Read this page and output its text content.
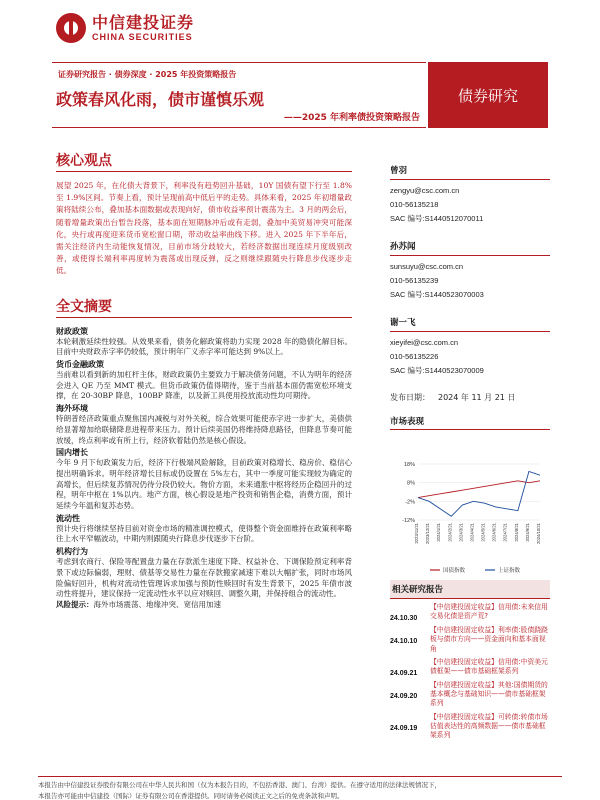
中信建投证券
CHINA SECURITIES
证券研究报告 · 债券深度 · 2025 年投资策略报告
政策春风化雨，债市谨慎乐观
——2025 年利率债投资策略报告
债券研究
核心观点
展望 2025 年，在化债大背景下，利率没有趋势回升基础，10Y 国债有望下行至 1.8%至 1.9%区间。节奏上看，预计呈现前高中低后平的走势。具体来看，2025 年初增量政策将陆续公布，叠加基本面数据或表现向好，债市收益率预计震荡为主。3 月的两会后，随着增量政策出台暂告段落，基本面在短期脉冲后或有走弱，叠加中美贸易冲突可能深化，央行或再度迎来货币宽松窗口期，带动收益率曲线下移。进入 2025 年下半年后，需关注经济内生动能恢复情况，目前市场分歧较大，若经济数据出现连续月度级别改善，或使得长端利率再度转为震荡或出现反弹，反之则继续跟随央行降息步伐逐步走低。
全文摘要
财政政策
本轮刺激延续性较强。从效果来看，债务化解政策将助力实现 2028 年的隐债化解目标。目前中央财政赤字率仍较低，预计明年广义赤字率可能达到 9%以上。
货币金融政策
当前难以看到新的加杠杆主体，财政政策仍主要致力于解决债务问题，不认为明年的经济会进入 QE 乃至 MMT 模式。但货币政策仍值得期待，鉴于当前基本面仍需宽松环境支撑，在 20-30BP 降息，100BP 降准，以及新工具使用投放流动性均可期待。
海外环境
特朗普经济政策重点聚焦国内减税与对外关税，综合效果可能使赤字进一步扩大，美债供给显著增加给联储降息进程带来压力。预计后续美国仍将维持降息路径，但降息节奏可能放缓，终点利率或有所上行，经济软着陆仍然是核心假设。
国内增长
今年 9 月下旬政策发力后，经济下行极端风险解除，目前政策对稳增长、稳房价、稳信心提出明确诉求。明年经济增长目标或仍设置在 5%左右，其中一季度可能实现较为确定的高增长，但后续复苏情况仍待分段仍较大。物价方面，未来通胀中枢将经历企稳回升的过程，明年中枢在 1%以内。地产方面，核心假设是地产投资和销售企稳，消费方面，预计延续今年温和复苏态势。
流动性
预计央行将继续坚持目前对资金市场的精准调控模式，使得整个资金面维持在政策利率略往上水平窄幅波动，中期内则跟随央行降息步伐逐步下台阶。
机构行为
考虑到农商行、保险等配置盘力量在存款派生速度下降、权益补仓、下调保险预定利率背景下或边际偏弱，理财、债基等交易性力量在存款搬家减速下难以大幅扩张，同时市场风险偏好回升，机构对流动性管理诉求加强与预防性赎回时有发生背景下，2025 年债市波动性将提升，建议保持一定流动性水平以应对赎回、调整久期，并保持组合的流动性。
风险提示：海外市场震荡、地缘冲突、宽信用加速
曾羽
zengyu@csc.com.cn
010-56135218
SAC 编号:S1440512070011
孙苏闻
sunsuyu@csc.com.cn
010-56135239
SAC 编号:S1440523070003
谢一飞
xieyifei@csc.com.cn
010-56135226
SAC 编号:S1440523070009
发布日期： 2024 年 11 月 21 日
市场表现
18%
8%
-2%
-12%
2023/11/21 2023/12/21 2024/1/21 2024/2/21 2024/3/21 2024/4/21 2024/5/21 2024/6/21 2024/7/21 2024/8/21 2024/9/21 2024/10/21
国债指数	上证指数
相关研究报告
24.10.30
【中信建投固定收益】信用债:未来信用交易化债是资产荒?
24.10.10
【中信建投固定收益】利率债:股债跷跷板与债市方向——资金面向和基本面视角
24.09.21
【中信建投固定收益】信用债:中资美元债框架——债市基础框架系列
24.09.20
【中信建投固定收益】其他:国债期货的基本概念与基础知识——债市基础框架系列
24.09.19
【中信建投固定收益】可转债:转债市场估值表达性的高频数据——债市基础框架系列
本报告由中信建投证券股份有限公司在中华人民共和国（仅为本报告目的，不包括香港、澳门、台湾）提供。在遵守适用的法律法规情况下，
本报告亦可能由中信建投（国际）证券有限公司在香港提供。同时请务必阅读正文之后的免责条款和声明。
